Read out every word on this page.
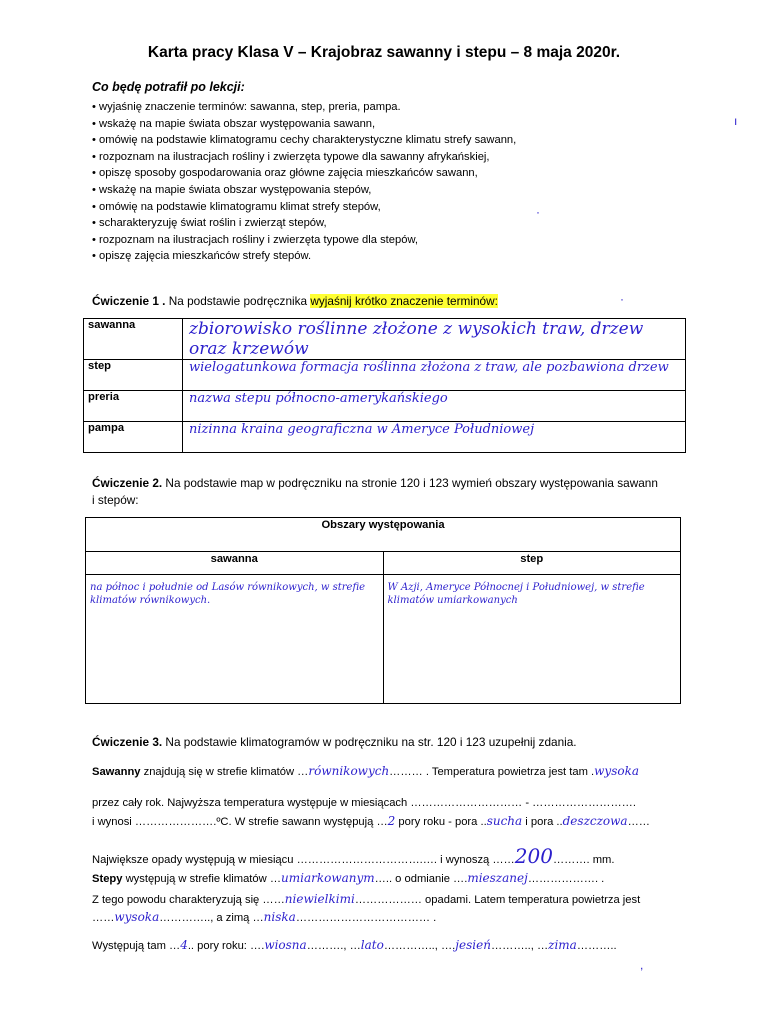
Karta pracy Klasa V – Krajobraz sawanny i stepu – 8 maja 2020r.
Co będę potrafił po lekcji:
• wyjaśnię znaczenie terminów: sawanna, step, preria, pampa.
• wskażę na mapie świata obszar występowania sawann,
• omówię na podstawie klimatogramu cechy charakterystyczne klimatu strefy sawann,
• rozpoznam na ilustracjach rośliny i zwierzęta typowe dla sawanny afrykańskiej,
• opiszę sposoby gospodarowania oraz główne zajęcia mieszkańców sawann,
• wskażę na mapie świata obszar występowania stepów,
• omówię na podstawie klimatogramu klimat strefy stepów,
• scharakteryzuję świat roślin i zwierząt stepów,
• rozpoznam na ilustracjach rośliny i zwierzęta typowe dla stepów,
• opiszę zajęcia mieszkańców strefy stepów.
Ćwiczenie 1 . Na podstawie podręcznika wyjaśnij krótko znaczenie terminów:
sawanna	zbiorowisko roślinne złożone z wysokich traw, drzew oraz krzewów
step	wielogatunkowa formacja roślinna złożona z traw, ale pozbawiona drzew
preria	nazwa stepu północno-amerykańskiego
pampa	nizinna kraina geograficzna w Ameryce Południowej
Ćwiczenie 2. Na podstawie map w podręczniku na stronie 120 i 123 wymień obszary występowania sawann
i stepów:
Obszary występowania	
sawanna	step
na północ i południe od Lasów równikowych, w strefie klimatów równikowych.	W Azji, Ameryce Północnej i Południowej, w strefie klimatów umiarkowanych
Ćwiczenie 3. Na podstawie klimatogramów w podręczniku na str. 120 i 123 uzupełnij zdania.
Sawanny znajdują się w strefie klimatów …równikowych……… . Temperatura powietrza jest tam .wysoka
przez cały rok. Najwyższa temperatura występuje w miesiącach ………………………… - ……………………….
i wynosi ………………….ºC. W strefie sawann występują …2 pory roku - pora ..sucha i pora ..deszczowa……
Największe opady występują w miesiącu …………………………….…. i wynoszą ……200………. mm.
Stepy występują w strefie klimatów …umiarkowanym….. o odmianie ….mieszanej………………. .
Z tego powodu charakteryzują się ……niewielkimi……………… opadami. Latem temperatura powietrza jest
……wysoka………….., a zimą …niska……………………………… .
Występują tam …4.. pory roku: ….wiosna………., …lato………….., ….jesień……….., …zima………..
ı
·
·
,
